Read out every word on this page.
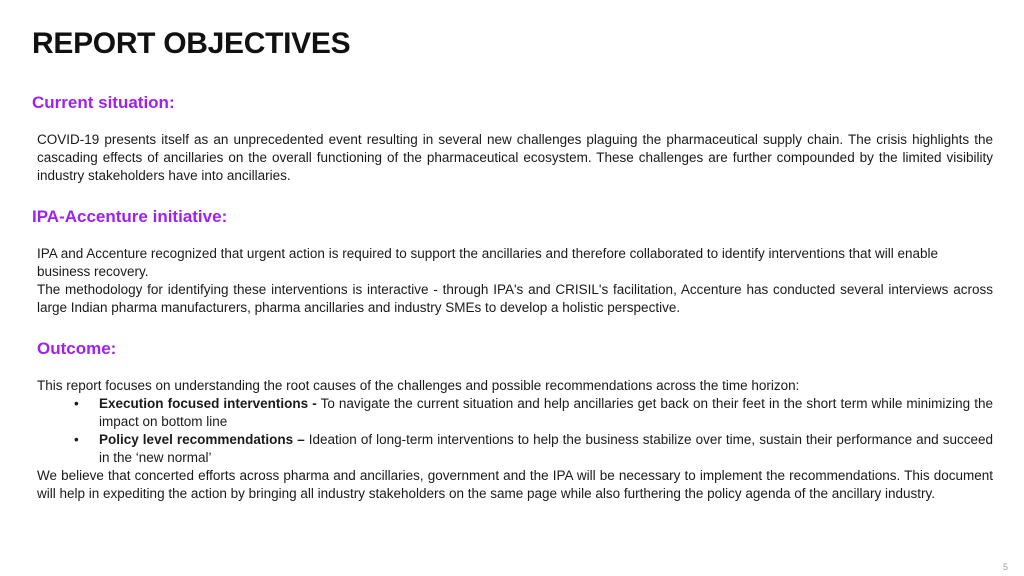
REPORT OBJECTIVES
Current situation:
COVID-19 presents itself as an unprecedented event resulting in several new challenges plaguing the pharmaceutical supply chain. The crisis highlights the cascading effects of ancillaries on the overall functioning of the pharmaceutical ecosystem. These challenges are further compounded by the limited visibility industry stakeholders have into ancillaries.
IPA-Accenture initiative:
IPA and Accenture recognized that urgent action is required to support the ancillaries and therefore collaborated to identify interventions that will enable business recovery.
The methodology for identifying these interventions is interactive - through IPA's and CRISIL's facilitation, Accenture has conducted several interviews across large Indian pharma manufacturers, pharma ancillaries and industry SMEs to develop a holistic perspective.
Outcome:
This report focuses on understanding the root causes of the challenges and possible recommendations across the time horizon:
• Execution focused interventions - To navigate the current situation and help ancillaries get back on their feet in the short term while minimizing the impact on bottom line
• Policy level recommendations – Ideation of long-term interventions to help the business stabilize over time, sustain their performance and succeed in the ‘new normal’
We believe that concerted efforts across pharma and ancillaries, government and the IPA will be necessary to implement the recommendations. This document will help in expediting the action by bringing all industry stakeholders on the same page while also furthering the policy agenda of the ancillary industry.
5
